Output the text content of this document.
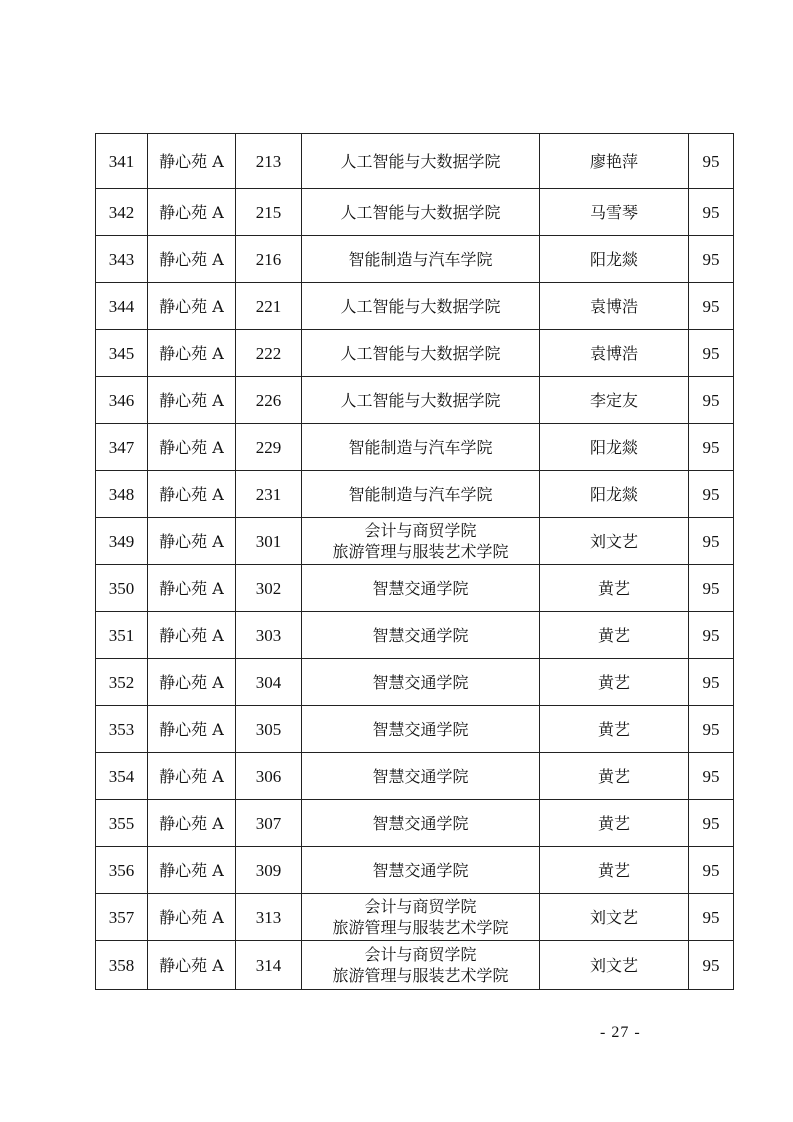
341	静心苑 A	213	人工智能与大数据学院	廖艳萍	95
342	静心苑 A	215	人工智能与大数据学院	马雪琴	95
343	静心苑 A	216	智能制造与汽车学院	阳龙燚	95
344	静心苑 A	221	人工智能与大数据学院	袁博浩	95
345	静心苑 A	222	人工智能与大数据学院	袁博浩	95
346	静心苑 A	226	人工智能与大数据学院	李定友	95
347	静心苑 A	229	智能制造与汽车学院	阳龙燚	95
348	静心苑 A	231	智能制造与汽车学院	阳龙燚	95
349	静心苑 A	301	会计与商贸学院
旅游管理与服装艺术学院	刘文艺	95
350	静心苑 A	302	智慧交通学院	黄艺	95
351	静心苑 A	303	智慧交通学院	黄艺	95
352	静心苑 A	304	智慧交通学院	黄艺	95
353	静心苑 A	305	智慧交通学院	黄艺	95
354	静心苑 A	306	智慧交通学院	黄艺	95
355	静心苑 A	307	智慧交通学院	黄艺	95
356	静心苑 A	309	智慧交通学院	黄艺	95
357	静心苑 A	313	会计与商贸学院
旅游管理与服装艺术学院	刘文艺	95
358	静心苑 A	314	会计与商贸学院
旅游管理与服装艺术学院	刘文艺	95
- 27 -
